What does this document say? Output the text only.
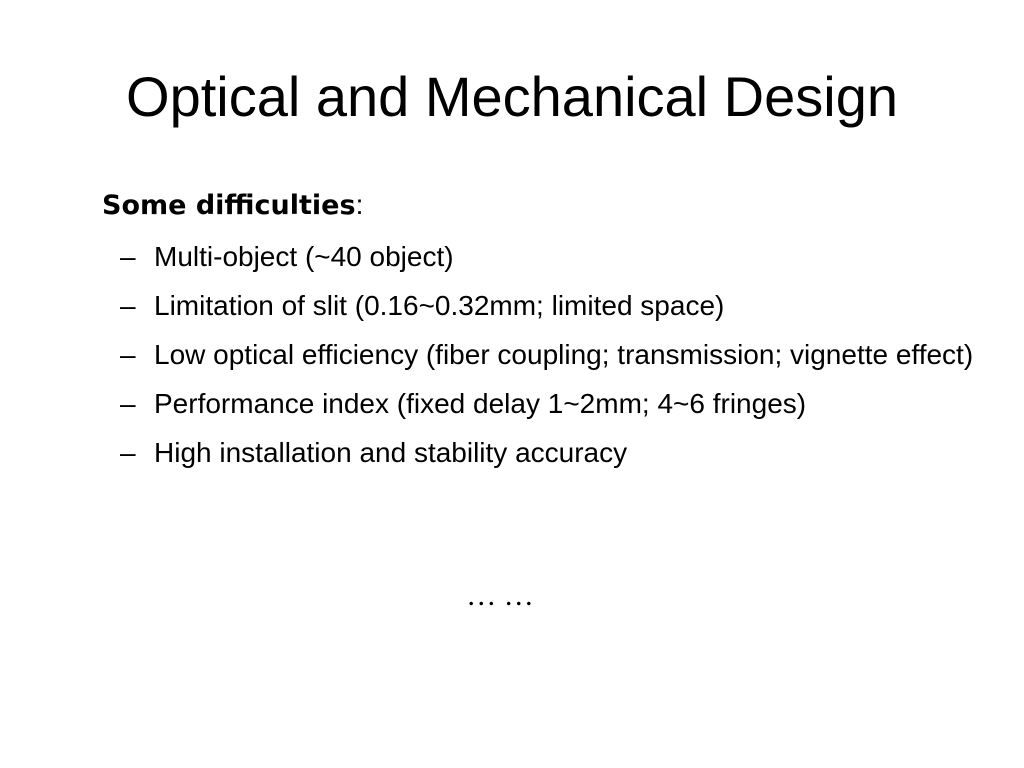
Optical and Mechanical Design
Some difficulties:
– Multi-object (~40 object)
– Limitation of slit (0.16~0.32mm; limited space)
– Low optical efficiency (fiber coupling; transmission; vignette effect)
– Performance index (fixed delay 1~2mm; 4~6 fringes)
– High installation and stability accuracy
… …
